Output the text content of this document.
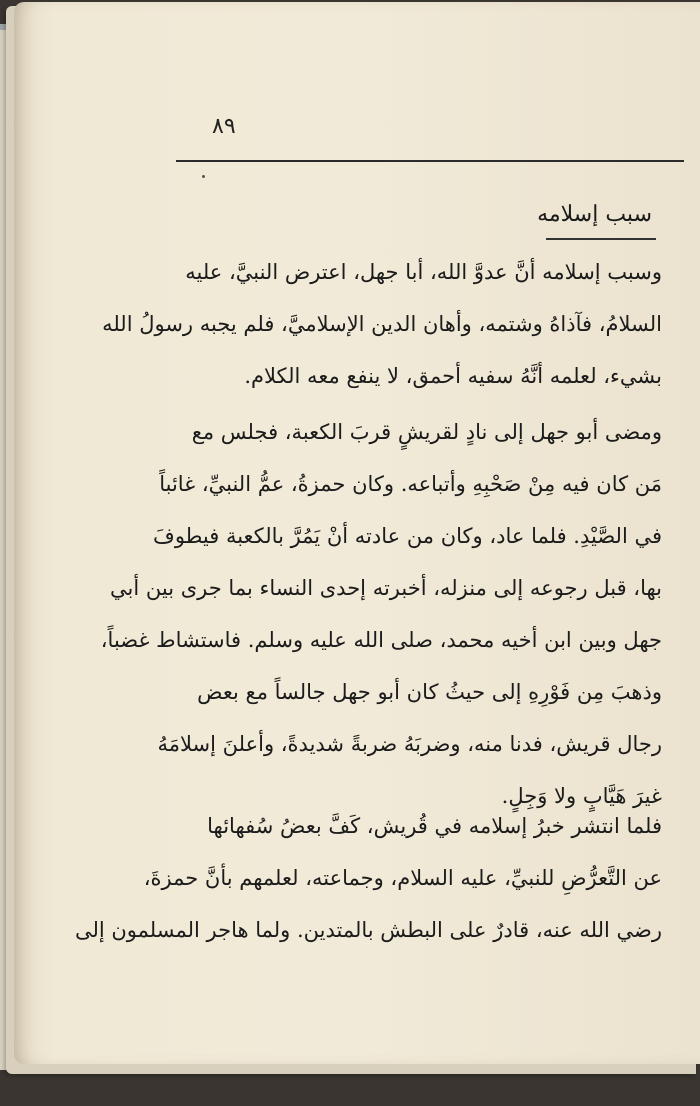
٨٩
سبب إسلامه
وسبب إسلامه أنَّ عدوَّ الله، أبا جهل، اعترض النبيَّ، عليه
السلامُ، فآذاهُ وشتمه، وأهان الدين الإسلاميَّ، فلم يجبه رسولُ الله
بشيء، لعلمه أنَّهُ سفيه أحمق، لا ينفع معه الكلام.
ومضى أبو جهل إلى نادٍ لقريشٍ قربَ الكعبة، فجلس مع
مَن كان فيه مِنْ صَحْبِهِ وأتباعه. وكان حمزةُ، عمُّ النبيِّ، غائباً
في الصَّيْدِ. فلما عاد، وكان من عادته أنْ يَمُرَّ بالكعبة فيطوفَ
بها، قبل رجوعه إلى منزله، أخبرته إحدى النساء بما جرى بين أبي
جهل وبين ابن أخيه محمد، صلى الله عليه وسلم. فاستشاط غضباً،
وذهبَ مِن فَوْرِهِ إلى حيثُ كان أبو جهل جالساً مع بعض
رجال قريش، فدنا منه، وضربَهُ ضربةً شديدةً، وأعلنَ إسلامَهُ
غيرَ هَيَّابٍ ولا وَجِلٍ.
فلما انتشر خبرُ إسلامه في قُريش، كَفَّ بعضُ سُفهائها
عن التَّعرُّضِ للنبيِّ، عليه السلام، وجماعته، لعلمهم بأنَّ حمزةَ،
رضي الله عنه، قادرٌ على البطش بالمتدين. ولما هاجر المسلمون إلى
